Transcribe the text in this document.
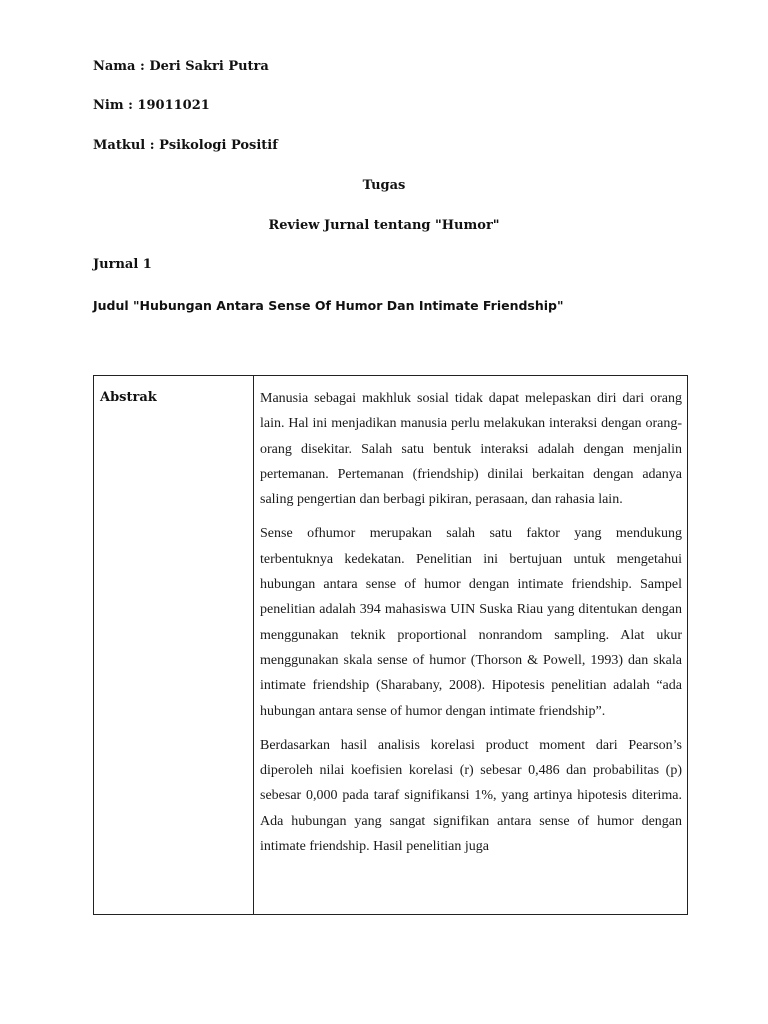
Nama : Deri Sakri Putra

Nim : 19011021

Matkul : Psikologi Positif

Tugas

Review Jurnal tentang "Humor"

Jurnal 1

Judul "Hubungan Antara Sense Of Humor Dan Intimate Friendship"

Abstrak	Manusia sebagai makhluk sosial tidak dapat melepaskan diri dari orang lain. Hal ini menjadikan manusia perlu melakukan interaksi dengan orang-orang disekitar. Salah satu bentuk interaksi adalah dengan menjalin pertemanan. Pertemanan (friendship) dinilai berkaitan dengan adanya saling pengertian dan berbagi pikiran, perasaan, dan rahasia lain.

Sense ofhumor merupakan salah satu faktor yang mendukung terbentuknya kedekatan. Penelitian ini bertujuan untuk mengetahui hubungan antara sense of humor dengan intimate friendship. Sampel penelitian adalah 394 mahasiswa UIN Suska Riau yang ditentukan dengan menggunakan teknik proportional nonrandom sampling. Alat ukur menggunakan skala sense of humor (Thorson & Powell, 1993) dan skala intimate friendship (Sharabany, 2008). Hipotesis penelitian adalah “ada hubungan antara sense of humor dengan intimate friendship”.

Berdasarkan hasil analisis korelasi product moment dari Pearson’s diperoleh nilai koefisien korelasi (r) sebesar 0,486 dan probabilitas (p) sebesar 0,000 pada taraf signifikansi 1%, yang artinya hipotesis diterima. Ada hubungan yang sangat signifikan antara sense of humor dengan intimate friendship. Hasil penelitian juga
